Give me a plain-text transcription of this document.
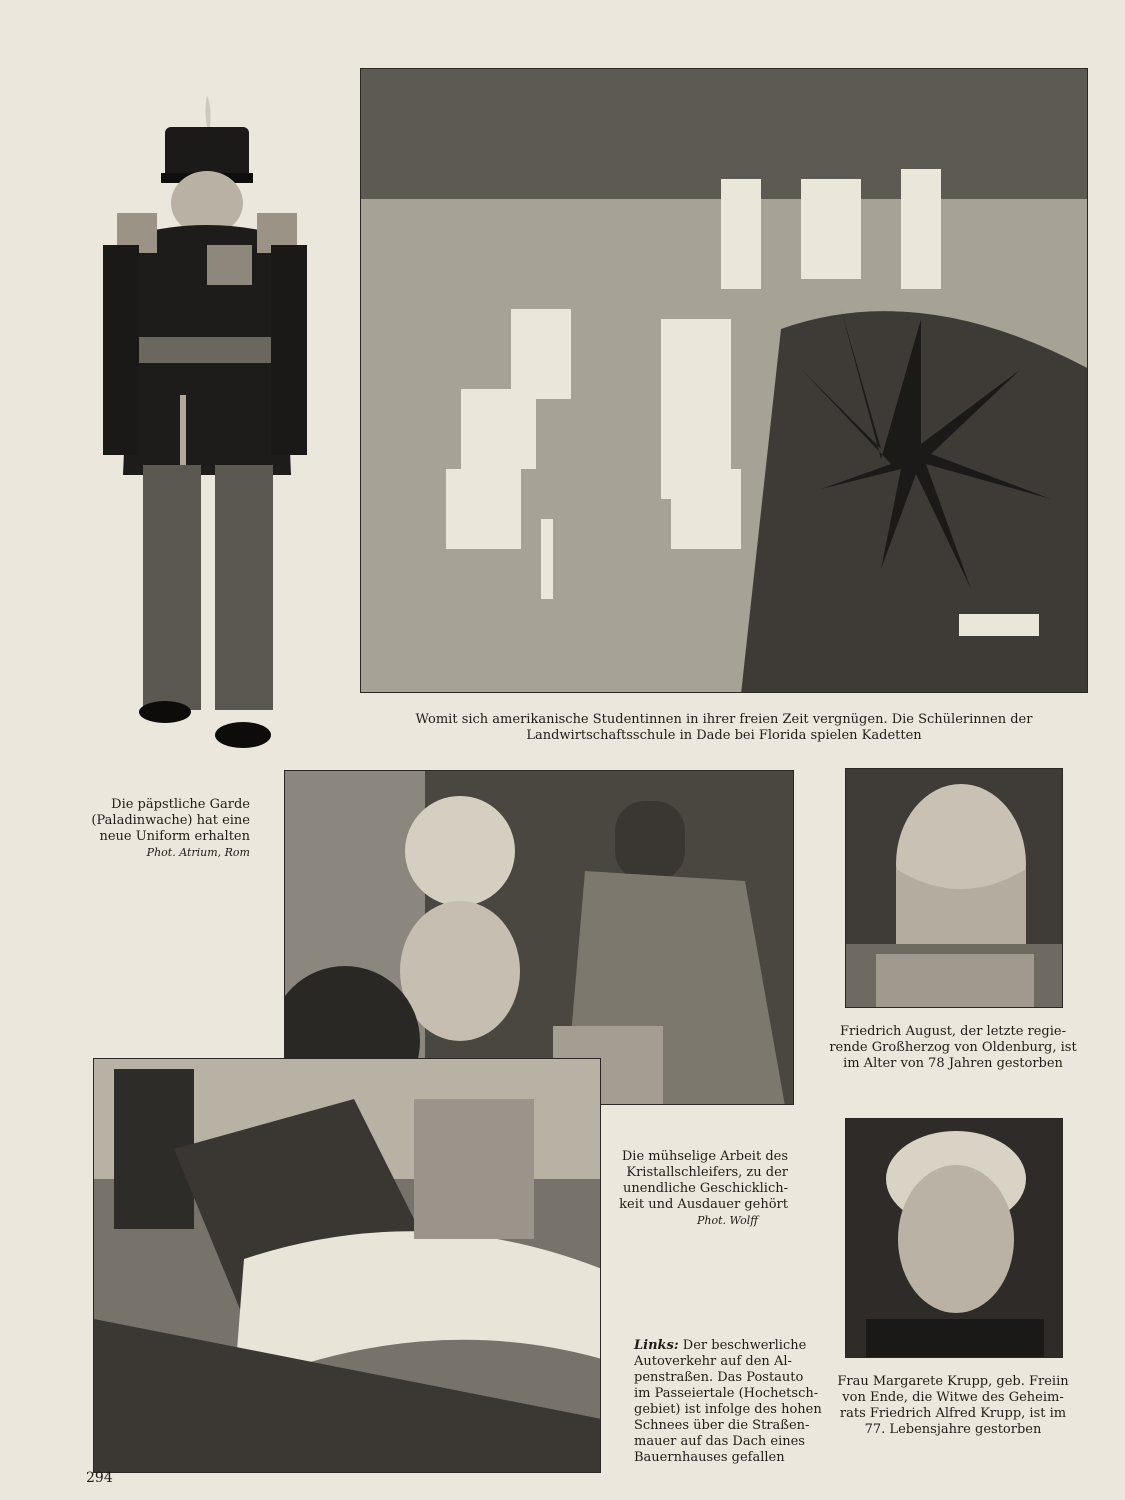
Die päpstliche Garde
(Paladinwache) hat eine
neue Uniform erhalten
Phot. Atrium, Rom
Womit sich amerikanische Studentinnen in ihrer freien Zeit vergnügen. Die Schülerinnen der
Landwirtschaftsschule in Dade bei Florida spielen Kadetten
Die mühselige Arbeit des
Kristallschleifers, zu der
unendliche Geschicklich-
keit und Ausdauer gehört
Phot. Wolff
Friedrich August, der letzte regie-
rende Großherzog von Oldenburg, ist
im Alter von 78 Jahren gestorben
Links: Der beschwerliche
Autoverkehr auf den Al-
penstraßen. Das Postauto
im Passeiertale (Hochetsch-
gebiet) ist infolge des hohen
Schnees über die Straßen-
mauer auf das Dach eines
Bauernhauses gefallen
Frau Margarete Krupp, geb. Freiin
von Ende, die Witwe des Geheim-
rats Friedrich Alfred Krupp, ist im
77. Lebensjahre gestorben
294
